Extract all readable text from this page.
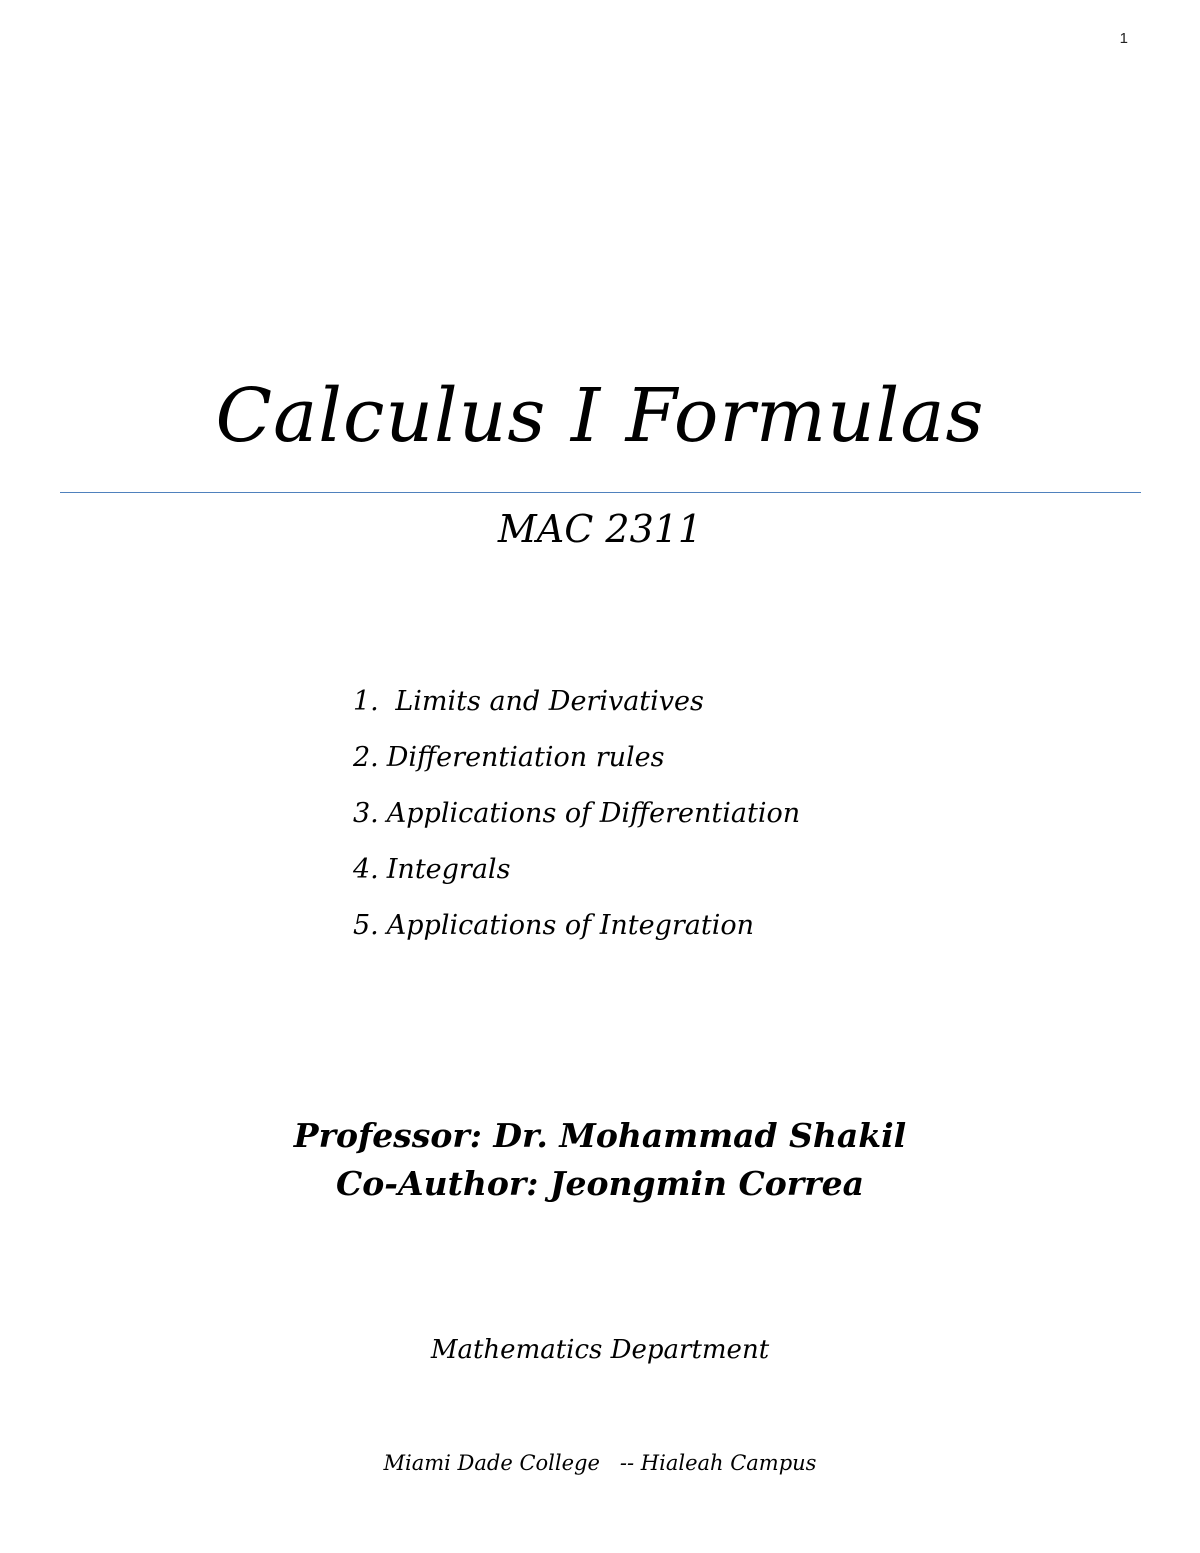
1
Calculus I Formulas
MAC 2311
1. Limits and Derivatives
2. Differentiation rules
3. Applications of Differentiation
4. Integrals
5. Applications of Integration
Professor: Dr. Mohammad Shakil
Co-Author: Jeongmin Correa
Mathematics Department
Miami Dade College   -- Hialeah Campus
